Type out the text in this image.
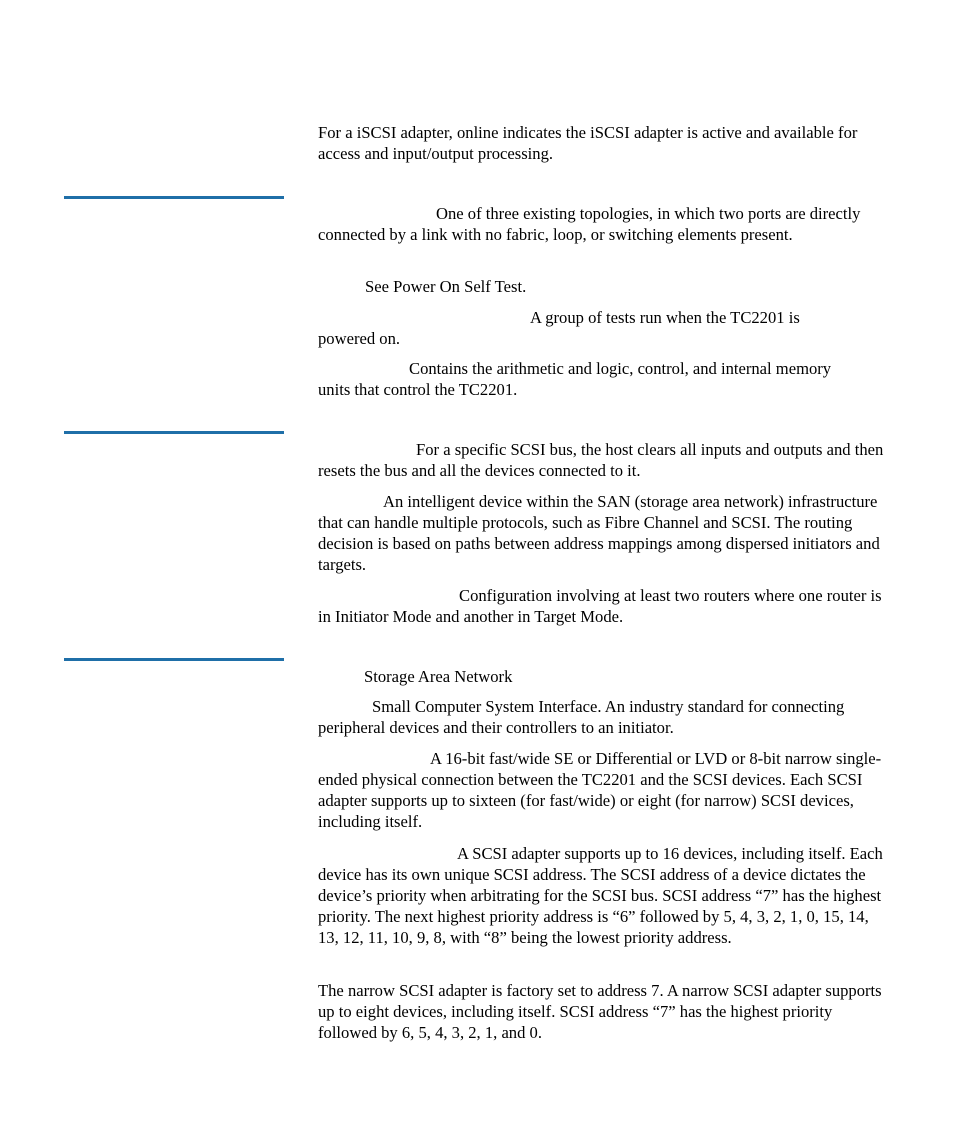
For a iSCSI adapter, online indicates the iSCSI adapter is active and available for access and input/output processing.

One of three existing topologies, in which two ports are directly connected by a link with no fabric, loop, or switching elements present.

See Power On Self Test.

A group of tests run when the TC2201 is powered on.

Contains the arithmetic and logic, control, and internal memory units that control the TC2201.

For a specific SCSI bus, the host clears all inputs and outputs and then resets the bus and all the devices connected to it.

An intelligent device within the SAN (storage area network) infrastructure that can handle multiple protocols, such as Fibre Channel and SCSI. The routing decision is based on paths between address mappings among dispersed initiators and targets.

Configuration involving at least two routers where one router is in Initiator Mode and another in Target Mode.

Storage Area Network

Small Computer System Interface. An industry standard for connecting peripheral devices and their controllers to an initiator.

A 16-bit fast/wide SE or Differential or LVD or 8-bit narrow single-ended physical connection between the TC2201 and the SCSI devices. Each SCSI adapter supports up to sixteen (for fast/wide) or eight (for narrow) SCSI devices, including itself.

A SCSI adapter supports up to 16 devices, including itself. Each device has its own unique SCSI address. The SCSI address of a device dictates the device’s priority when arbitrating for the SCSI bus. SCSI address “7” has the highest priority. The next highest priority address is “6” followed by 5, 4, 3, 2, 1, 0, 15, 14, 13, 12, 11, 10, 9, 8, with “8” being the lowest priority address.

The narrow SCSI adapter is factory set to address 7. A narrow SCSI adapter supports up to eight devices, including itself. SCSI address “7” has the highest priority followed by 6, 5, 4, 3, 2, 1, and 0.
